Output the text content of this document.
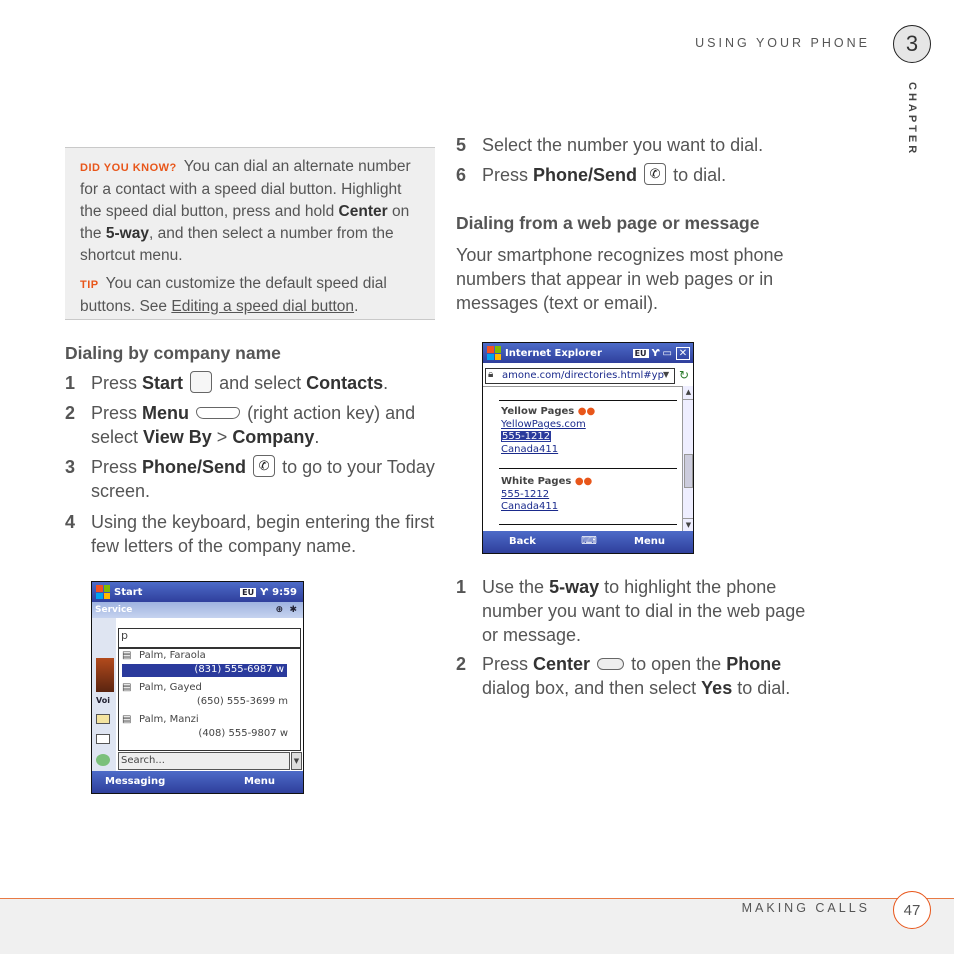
USING YOUR PHONE	3
CHAPTER

DID YOU KNOW? You can dial an alternate number for a contact with a speed dial button. Highlight the speed dial button, press and hold Center on the 5-way, and then select a number from the shortcut menu.

TIP You can customize the default speed dial buttons. See Editing a speed dial button.

Dialing by company name
1 Press Start and select Contacts.
2 Press Menu	(right action key) and select View By > Company.
3 Press Phone/Send ✆ to go to your Today screen.
4 Using the keyboard, begin entering the first few letters of the company name.
Start	EU Ƴ 9:59
Service	✱
⊕
Voi
p
▤ Palm, Faraola
(831) 555-6987 w
▤ Palm, Gayed
(650) 555-3699 m
▤ Palm, Manzi
(408) 555-9807 w
Search...	▼
Messaging	Menu
5 Select the number you want to dial.
6 Press Phone/Send ✆ to dial.
Dialing from a web page or message
Your smartphone recognizes most phone numbers that appear in web pages or in messages (text or email).
Internet Explorer	EU Ƴ ▭ ✕
amone.com/directories.html#yp
🔒︎	▼ ↻
Yellow Pages ●●
YellowPages.com
555-1212
Canada411
White Pages ●●
555-1212
Canada411
▲
▼
Back	⌨	Menu
1 Use the 5-way to highlight the phone number you want to dial in the web page or message.
2 Press Center to open the Phone dialog box, and then select Yes to dial.
MAKING CALLS	47
